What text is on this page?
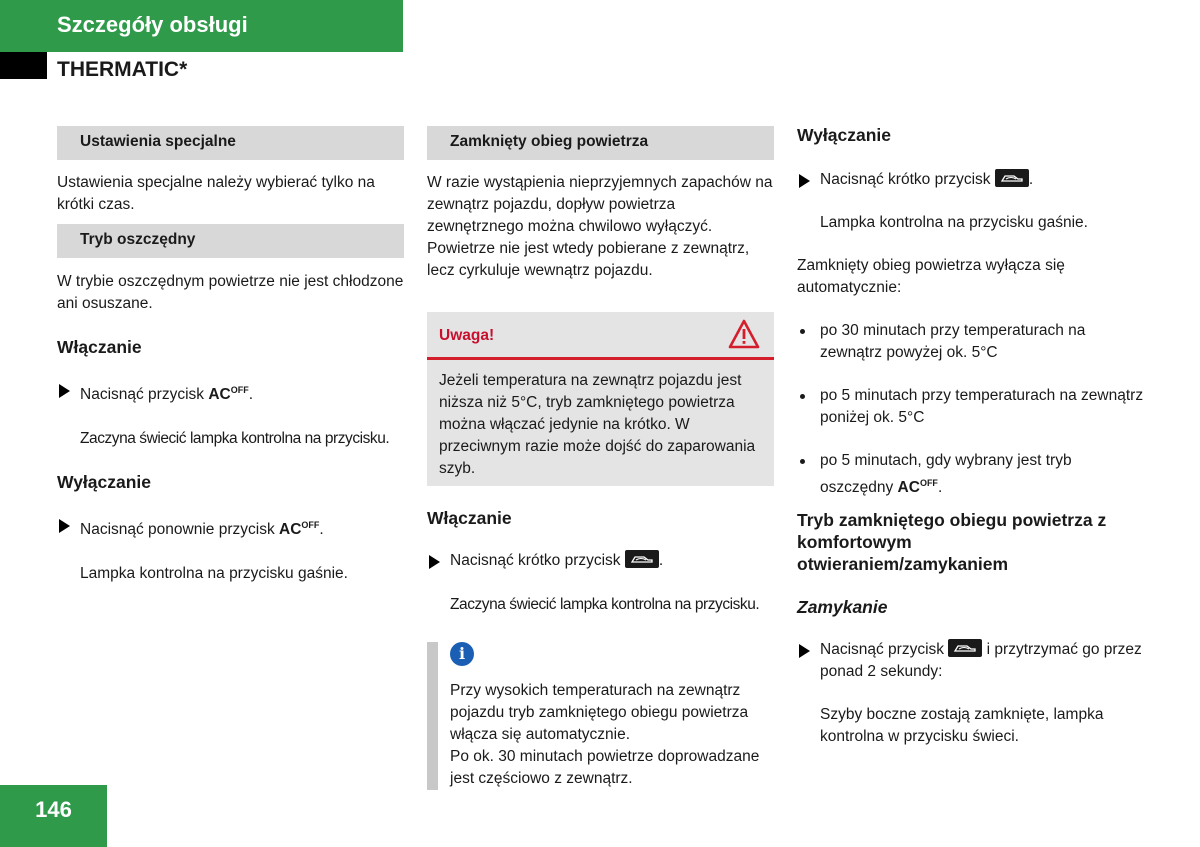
Szczegóły obsługi
THERMATIC*
Ustawienia specjalne

Ustawienia specjalne należy wybierać tylko na krótki czas.

Tryb oszczędny

W trybie oszczędnym powietrze nie jest chłodzone ani osuszane.

Włączanie
Nacisnąć przycisk $AC^{OFF}$.

Zaczyna świecić lampka kontrolna na przycisku.

Wyłączanie
Nacisnąć ponownie przycisk $AC^{OFF}$.

Lampka kontrolna na przycisku gaśnie.

Zamknięty obieg powietrza

W razie wystąpienia nieprzyjemnych zapachów na zewnątrz pojazdu, dopływ powietrza zewnętrznego można chwilowo wyłączyć. Powietrze nie jest wtedy pobierane z zewnątrz, lecz cyrkuluje wewnątrz pojazdu.

Uwaga!

Jeżeli temperatura na zewnątrz pojazdu jest niższa niż 5°C, tryb zamkniętego powietrza można włączać jedynie na krótko. W przeciwnym razie może dojść do zaparowania szyb.

Włączanie
Nacisnąć krótko przycisk .

Zaczyna świecić lampka kontrolna na przycisku.

i

Przy wysokich temperaturach na zewnątrz pojazdu tryb zamkniętego obiegu powietrza włącza się automatycznie.

Po ok. 30 minutach powietrze doprowadzane jest częściowo z zewnątrz.

Wyłączanie
Nacisnąć krótko przycisk .

Lampka kontrolna na przycisku gaśnie.

Zamknięty obieg powietrza wyłącza się automatycznie:

po 30 minutach przy temperaturach na zewnątrz powyżej ok. 5°C
po 5 minutach przy temperaturach na zewnątrz poniżej ok. 5°C
po 5 minutach, gdy wybrany jest tryb oszczędny $AC^{OFF}$.
Tryb zamkniętego obiegu powietrza z komfortowym otwieraniem/zamykaniem
Zamykanie
Nacisnąć przycisk	i przytrzymać go przez ponad 2 sekundy:

Szyby boczne zostają zamknięte, lampka kontrolna w przycisku świeci.

146
